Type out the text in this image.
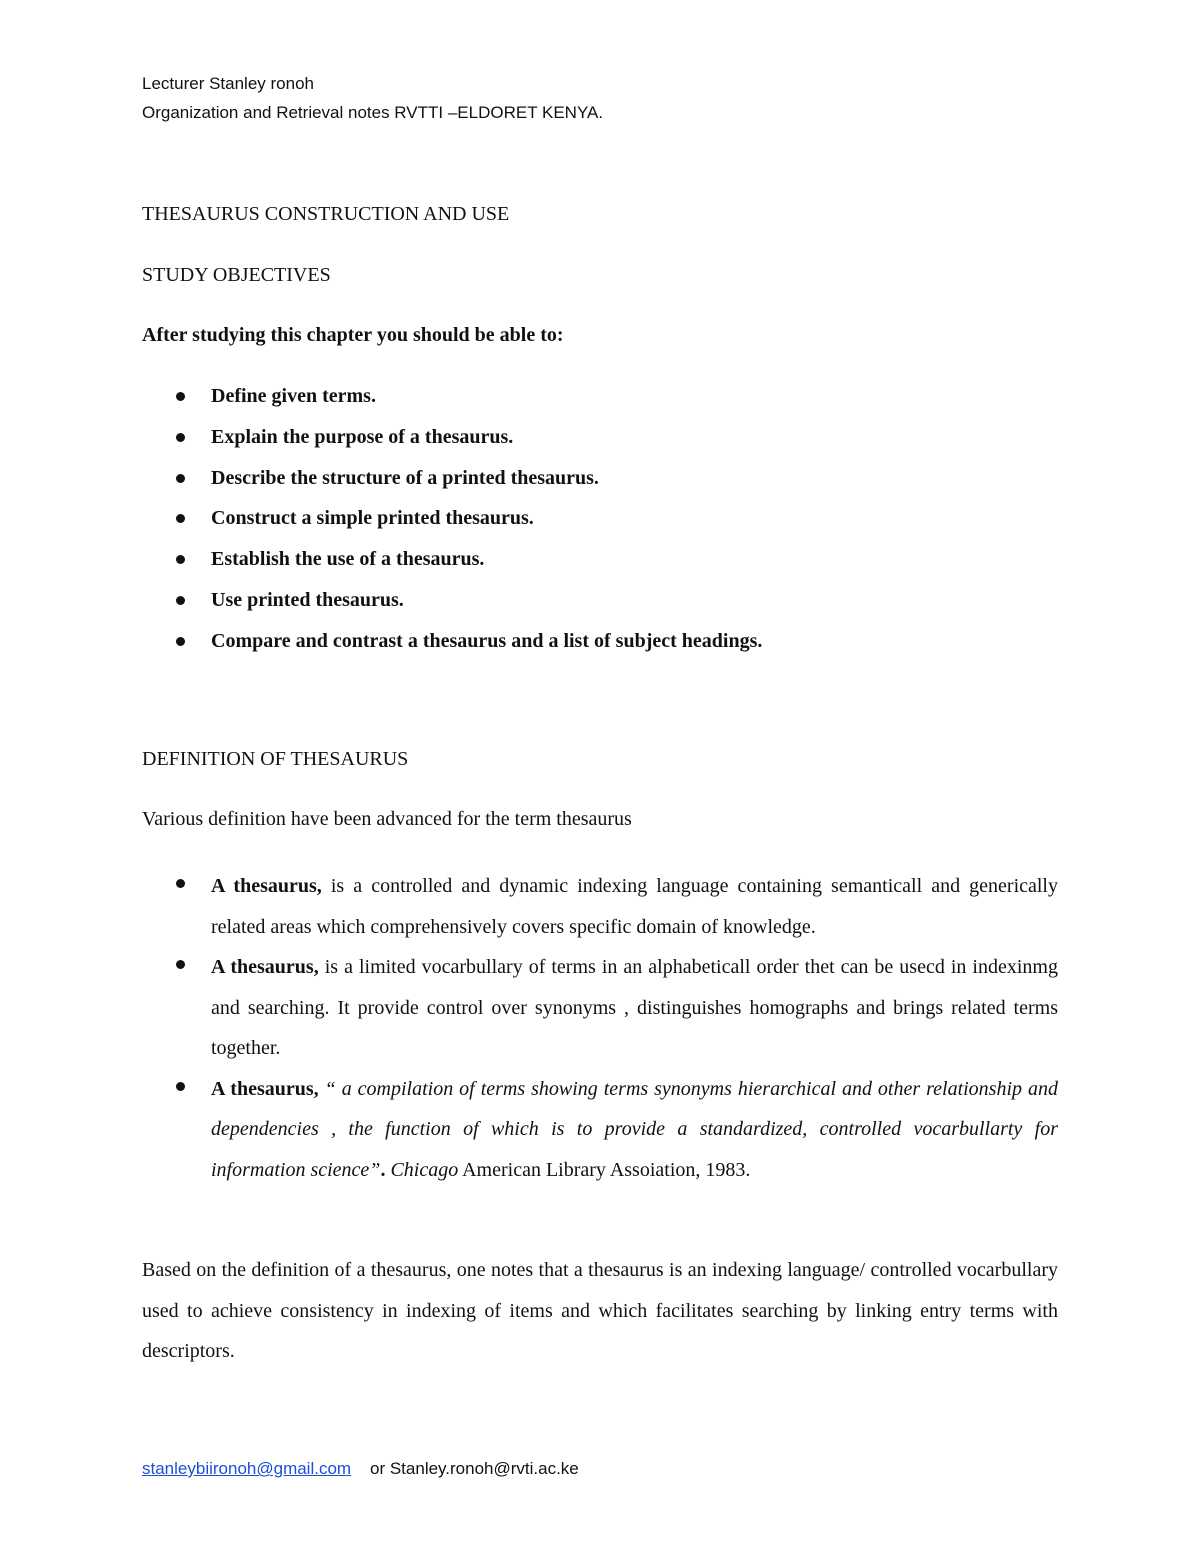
Lecturer Stanley ronoh
Organization and Retrieval notes RVTTI –ELDORET KENYA.
THESAURUS CONSTRUCTION AND USE
STUDY OBJECTIVES
After studying this chapter you should be able to:
Define given terms.
Explain the purpose of a thesaurus.
Describe the structure of a printed thesaurus.
Construct a simple printed thesaurus.
Establish the use of a thesaurus.
Use printed thesaurus.
Compare and contrast a thesaurus and a list of subject headings.
DEFINITION OF THESAURUS
Various definition have been advanced for the term thesaurus
A thesaurus, is a controlled and dynamic indexing language containing semanticall and generically related areas which comprehensively covers specific domain of knowledge.
A thesaurus, is a limited vocarbullary of terms in an alphabeticall order thet can be usecd in indexinmg and searching. It provide control over synonyms , distinguishes homographs and brings related terms together.
A thesaurus, “ a compilation of terms showing terms synonyms hierarchical and other relationship and dependencies , the function of which is to provide a standardized, controlled vocarbullarty for information science”. Chicago American Library Assoiation, 1983.
Based on the definition of a thesaurus, one notes that a thesaurus is an indexing language/ controlled vocarbullary used to achieve consistency in indexing of items and which facilitates searching by linking entry terms with descriptors.
stanleybiironoh@gmail.com or Stanley.ronoh@rvti.ac.ke
